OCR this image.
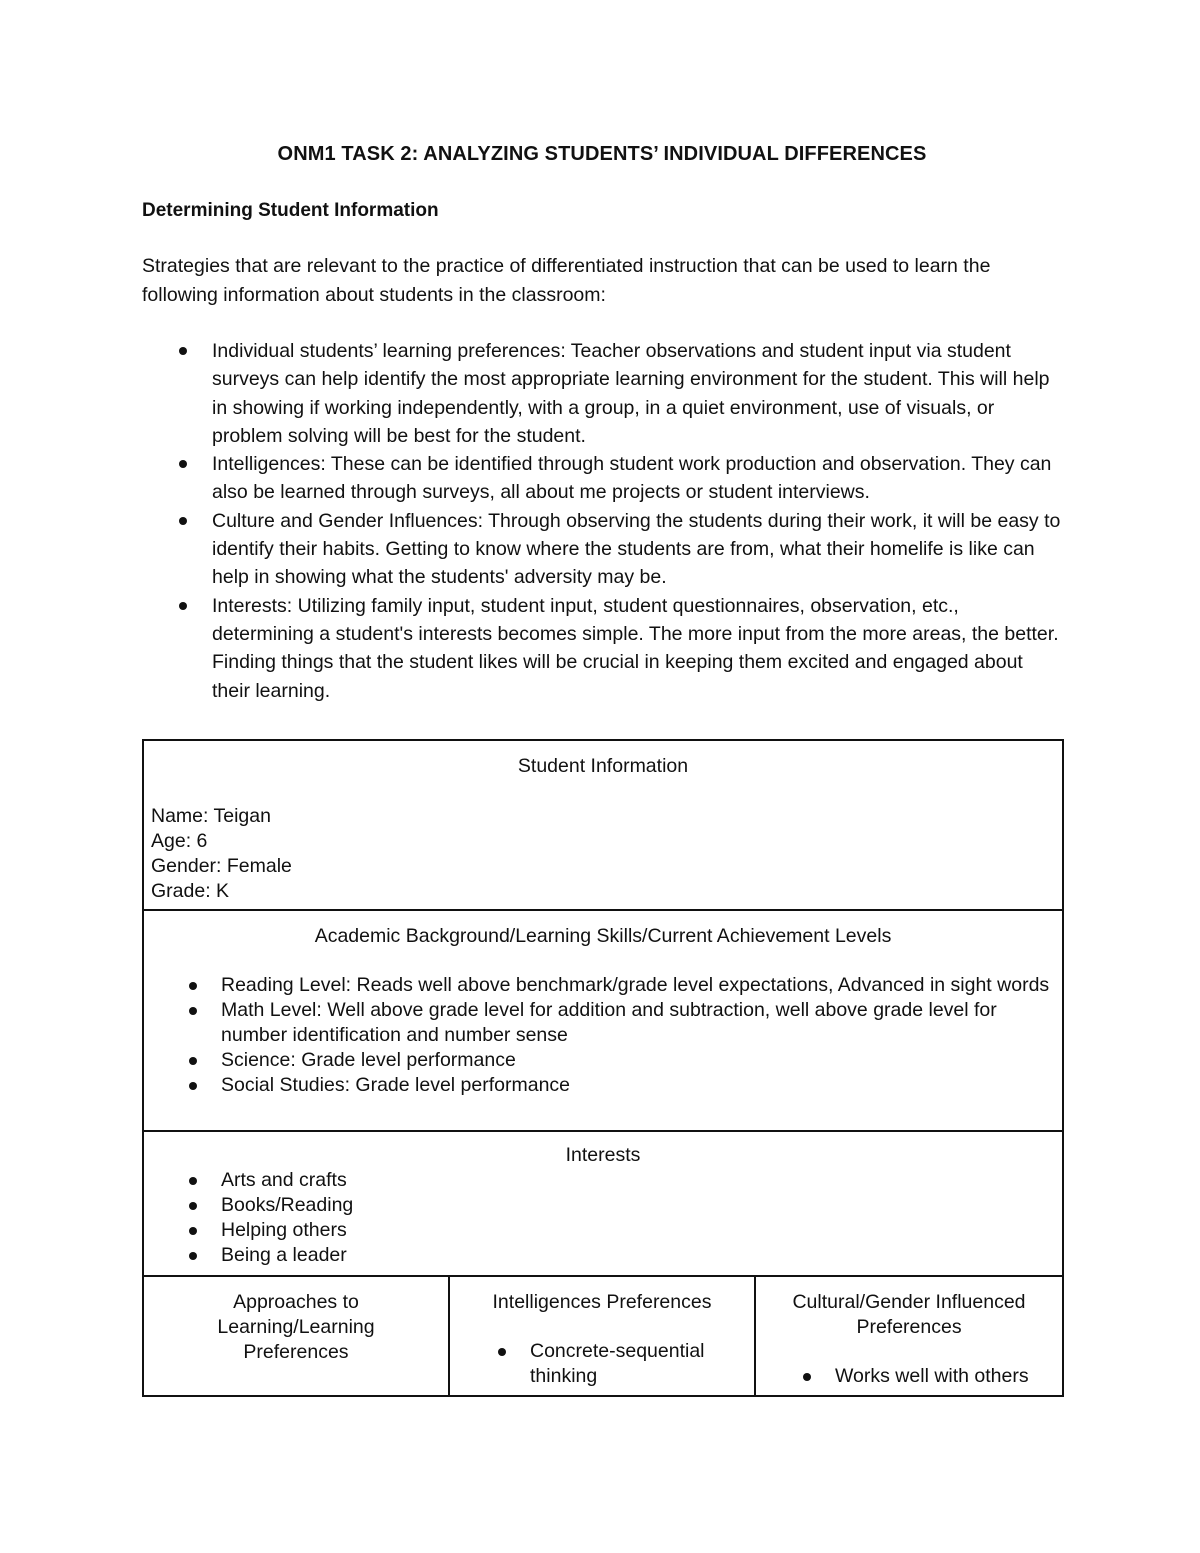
ONM1 TASK 2: ANALYZING STUDENTS’ INDIVIDUAL DIFFERENCES
Determining Student Information

Strategies that are relevant to the practice of differentiated instruction that can be used to learn the following information about students in the classroom:

Individual students’ learning preferences: Teacher observations and student input via student surveys can help identify the most appropriate learning environment for the student. This will help in showing if working independently, with a group, in a quiet environment, use of visuals, or problem solving will be best for the student.
Intelligences: These can be identified through student work production and observation. They can also be learned through surveys, all about me projects or student interviews.
Culture and Gender Influences: Through observing the students during their work, it will be easy to identify their habits. Getting to know where the students are from, what their homelife is like can help in showing what the students' adversity may be.
Interests: Utilizing family input, student input, student questionnaires, observation, etc., determining a student's interests becomes simple. The more input from the more areas, the better. Finding things that the student likes will be crucial in keeping them excited and engaged about their learning.
Student Information
Name: Teigan
Age: 6
Gender: Female
Grade: K

Academic Background/Learning Skills/Current Achievement Levels
Reading Level: Reads well above benchmark/grade level expectations, Advanced in sight words
Math Level: Well above grade level for addition and subtraction, well above grade level for number identification and number sense
Science: Grade level performance
Social Studies: Grade level performance

Interests
Arts and crafts
Books/Reading
Helping others
Being a leader

Approaches to Learning/Learning Preferences

Intelligences Preferences
Concrete-sequential thinking

Cultural/Gender Influenced Preferences
Works well with others
